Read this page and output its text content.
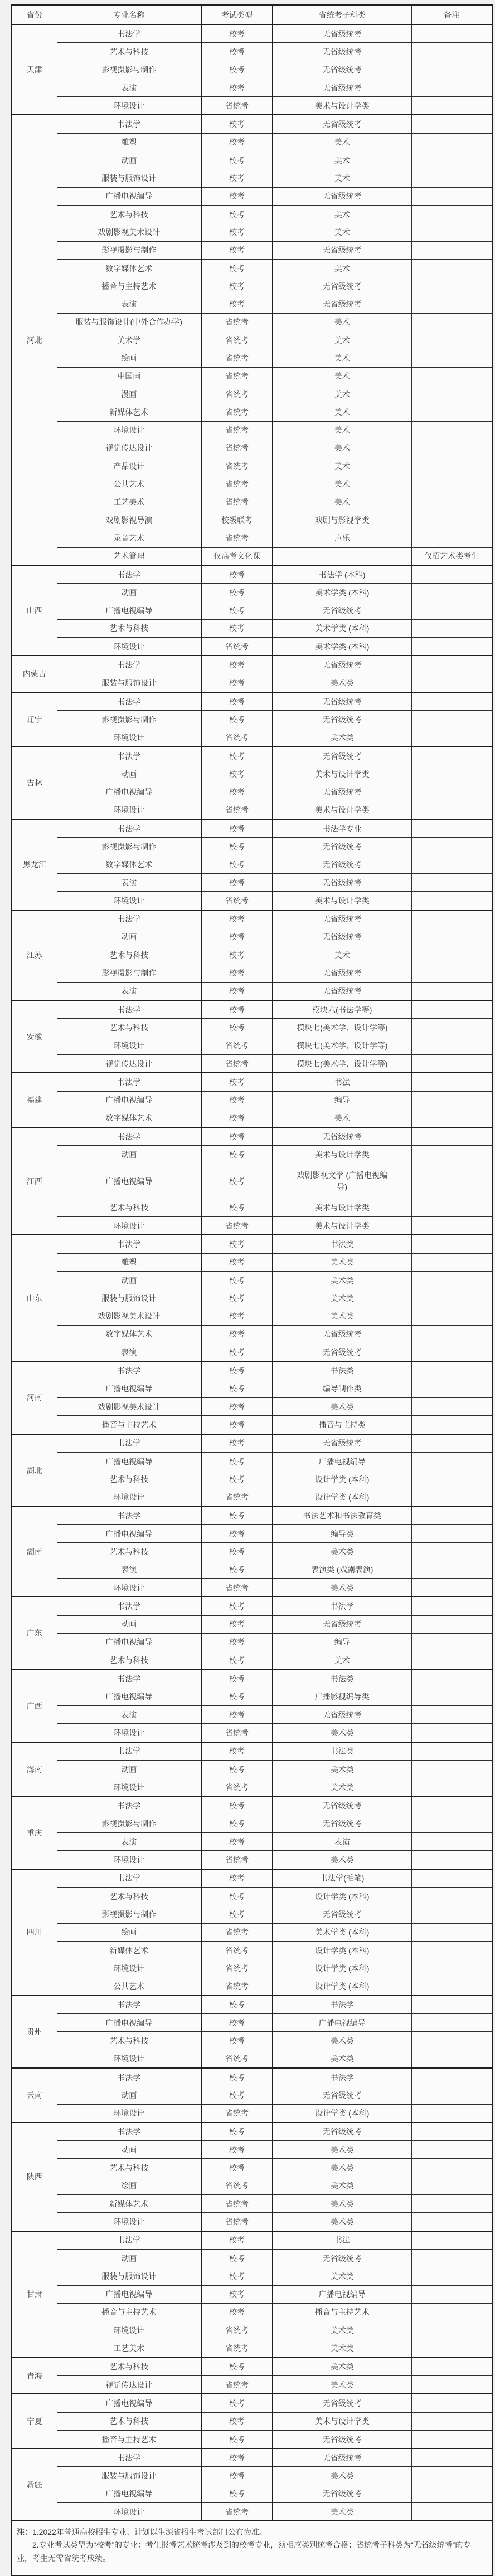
省份	专业名称	考试类型	省统考子科类	备注
天津	书法学	校考	无省级统考	
	艺术与科技	校考	无省级统考	
	影视摄影与制作	校考	无省级统考	
	表演	校考	无省级统考	
	环境设计	省统考	美术与设计学类	
河北	书法学	校考	无省级统考	
	雕塑	校考	美术	
	动画	校考	美术	
	服装与服饰设计	校考	美术	
	广播电视编导	校考	无省级统考	
	艺术与科技	校考	美术	
	戏剧影视美术设计	校考	美术	
	影视摄影与制作	校考	无省级统考	
	数字媒体艺术	校考	美术	
	播音与主持艺术	校考	无省级统考	
	表演	校考	无省级统考	
	服装与服饰设计(中外合作办学)	省统考	美术	
	美术学	省统考	美术	
	绘画	省统考	美术	
	中国画	省统考	美术	
	漫画	省统考	美术	
	新媒体艺术	省统考	美术	
	环境设计	省统考	美术	
	视觉传达设计	省统考	美术	
	产品设计	省统考	美术	
	公共艺术	省统考	美术	
	工艺美术	省统考	美术	
	戏剧影视导演	校级联考	戏剧与影视学类	
	录音艺术	省统考	声乐	
	艺术管理	仅高考文化课		仅招艺术类考生
山西	书法学	校考	书法学 (本科)	
	动画	校考	美术学类 (本科)	
	广播电视编导	校考	无省级统考	
	艺术与科技	校考	美术学类 (本科)	
	环境设计	省统考	美术学类 (本科)	
内蒙古	书法学	校考	无省级统考	
	服装与服饰设计	校考	美术类	
辽宁	书法学	校考	无省级统考	
	影视摄影与制作	校考	无省级统考	
	环境设计	省统考	美术类	
吉林	书法学	校考	无省级统考	
	动画	校考	美术与设计学类	
	广播电视编导	校考	无省级统考	
	环境设计	省统考	美术与设计学类	
黑龙江	书法学	校考	书法学专业	
	影视摄影与制作	校考	无省级统考	
	数字媒体艺术	校考	无省级统考	
	表演	校考	无省级统考	
	环境设计	省统考	美术与设计学类	
江苏	书法学	校考	无省级统考	
	动画	校考	无省级统考	
	艺术与科技	校考	美术	
	影视摄影与制作	校考	无省级统考	
	表演	校考	无省级统考	
安徽	书法学	校考	模块六(书法学等)	
	艺术与科技	校考	模块七(美术学、设计学等)	
	环境设计	省统考	模块七(美术学、设计学等)	
	视觉传达设计	省统考	模块七(美术学、设计学等)	
福建	书法学	校考	书法	
	广播电视编导	校考	编导	
	数字媒体艺术	校考	美术	
江西	书法学	校考	无省级统考	
	动画	校考	美术与设计学类	
	广播电视编导	校考	戏剧影视文学 (广播电视编导)	

	艺术与科技	校考	美术与设计学类	
	环境设计	省统考	美术与设计学类	
山东	书法学	校考	书法类	
	雕塑	校考	美术类	
	动画	校考	美术类	
	服装与服饰设计	校考	美术类	
	戏剧影视美术设计	校考	美术类	
	数字媒体艺术	校考	无省级统考	
	表演	校考	无省级统考	
河南	书法学	校考	书法类	
	广播电视编导	校考	编导制作类	
	戏剧影视美术设计	校考	美术类	
	播音与主持艺术	校考	播音与主持类	
湖北	书法学	校考	无省级统考	
	广播电视编导	校考	广播电视编导	
	艺术与科技	校考	设计学类 (本科)	
	环境设计	省统考	设计学类 (本科)	
湖南	书法学	校考	书法艺术和书法教育类	
	广播电视编导	校考	编导类	
	艺术与科技	校考	美术类	
	表演	校考	表演类 (戏剧表演)	
	环境设计	省统考	美术类	
广东	书法学	校考	书法学	
	动画	校考	无省级统考	
	广播电视编导	校考	编导	
	艺术与科技	校考	美术	
广西	书法学	校考	书法类	
	广播电视编导	校考	广播影视编导类	
	表演	校考	无省级统考	
	环境设计	省统考	美术类	
海南	书法学	校考	书法类	
	动画	校考	美术类	
	环境设计	省统考	美术类	
重庆	书法学	校考	无省级统考	
	影视摄影与制作	校考	无省级统考	
	表演	校考	表演	
	环境设计	省统考	美术类	
四川	书法学	校考	书法学(毛笔)	
	艺术与科技	校考	设计学类 (本科)	
	影视摄影与制作	校考	无省级统考	
	绘画	省统考	美术学类 (本科)	
	新媒体艺术	省统考	设计学类 (本科)	
	环境设计	省统考	设计学类 (本科)	
	公共艺术	省统考	设计学类 (本科)	
贵州	书法学	校考	书法学	
	广播电视编导	校考	广播电视编导	
	艺术与科技	校考	美术类	
	环境设计	省统考	美术类	
云南	书法学	校考	书法学	
	动画	校考	无省级统考	
	环境设计	省统考	设计学类 (本科)	
陕西	书法学	校考	无省级统考	
	动画	校考	美术类	
	艺术与科技	校考	美术类	
	绘画	省统考	美术类	
	新媒体艺术	省统考	美术类	
	环境设计	省统考	美术类	
甘肃	书法学	校考	书法	
	动画	校考	无省级统考	
	服装与服饰设计	校考	美术类	
	广播电视编导	校考	广播电视编导	
	播音与主持艺术	校考	播音与主持艺术	
	环境设计	省统考	美术类	
	工艺美术	省统考	美术类	
青海	艺术与科技	校考	美术类	
	视觉传达设计	省统考	美术类	
宁夏	广播电视编导	校考	无省级统考	
	艺术与科技	校考	美术与设计学类	
	播音与主持艺术	校考	无省级统考	
新疆	书法学	校考	无省级统考	
	服装与服饰设计	校考	美术类	
	广播电视编导	校考	无省级统考	
	环境设计	省统考	美术类	

注：1.2022年普通高校招生专业、计划以生源省招生考试部门公布为准。

2.专业考试类型为“校考”的专业：考生报考艺术统考涉及到的校考专业，须相应类别统考合格；省统考子科类为“无省级统考”的专业，考生无需省统考成绩。				
